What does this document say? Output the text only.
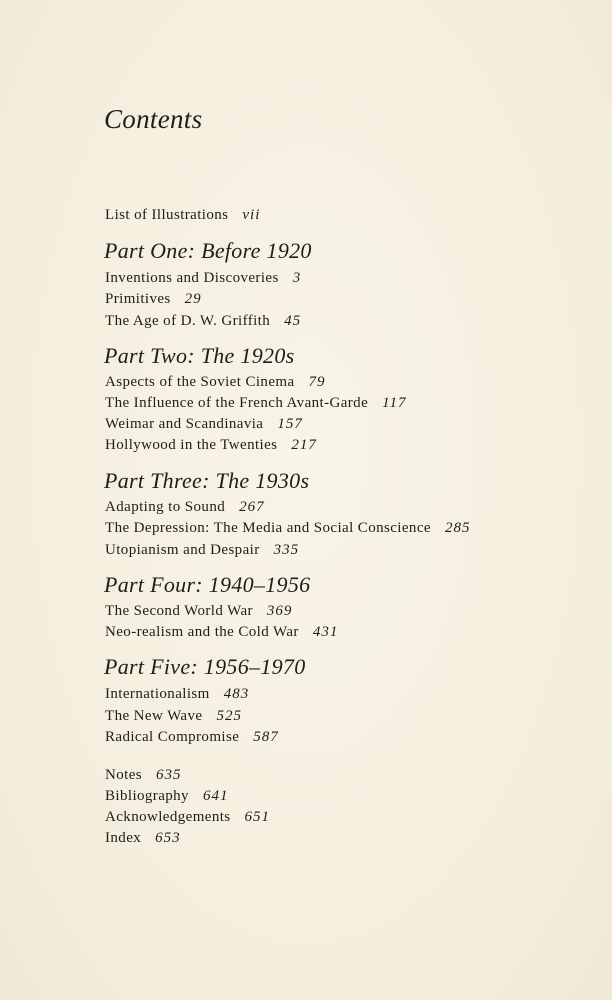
Contents
List of Illustrations vii
Part One: Before 1920
Inventions and Discoveries 3
Primitives 29
The Age of D. W. Griffith 45
Part Two: The 1920s
Aspects of the Soviet Cinema 79
The Influence of the French Avant-Garde 117
Weimar and Scandinavia 157
Hollywood in the Twenties 217
Part Three: The 1930s
Adapting to Sound 267
The Depression: The Media and Social Conscience 285
Utopianism and Despair 335
Part Four: 1940–1956
The Second World War 369
Neo-realism and the Cold War 431
Part Five: 1956–1970
Internationalism 483
The New Wave 525
Radical Compromise 587
Notes 635
Bibliography 641
Acknowledgements 651
Index 653
